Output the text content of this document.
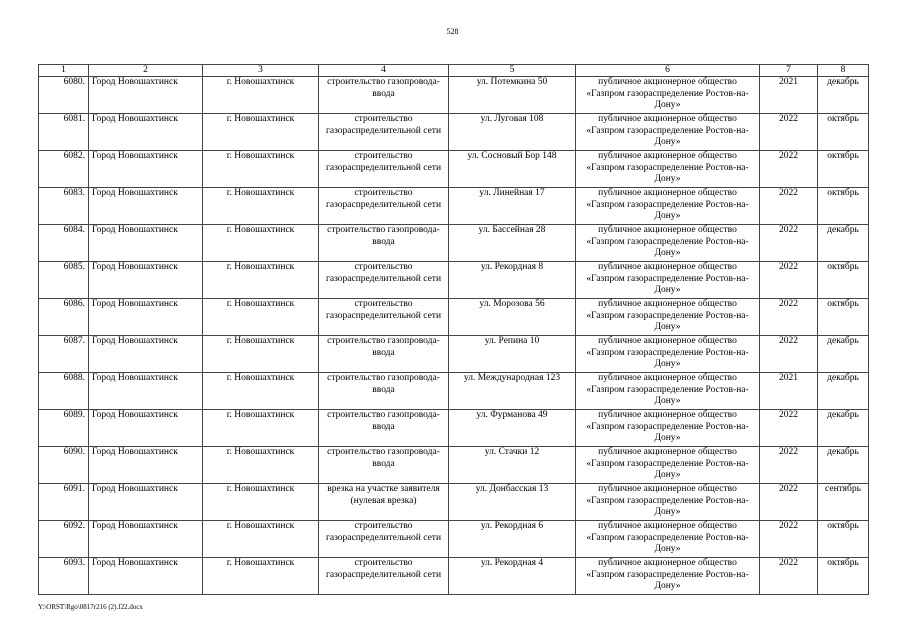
528
1	2	3	4	5	6	7	8
6080.	Город Новошахтинск	г. Новошахтинск	строительство газопровода-ввода	ул. Потемкина 50	публичное акционерное общество «Газпром газораспределение Ростов-на-Дону»	2021	декабрь
6081.	Город Новошахтинск	г. Новошахтинск	строительство газораспределительной сети	ул. Луговая 108	публичное акционерное общество «Газпром газораспределение Ростов-на-Дону»	2022	октябрь
6082.	Город Новошахтинск	г. Новошахтинск	строительство газораспределительной сети	ул. Сосновый Бор 148	публичное акционерное общество «Газпром газораспределение Ростов-на-Дону»	2022	октябрь
6083.	Город Новошахтинск	г. Новошахтинск	строительство газораспределительной сети	ул. Линейная 17	публичное акционерное общество «Газпром газораспределение Ростов-на-Дону»	2022	октябрь
6084.	Город Новошахтинск	г. Новошахтинск	строительство газопровода-ввода	ул. Бассейная 28	публичное акционерное общество «Газпром газораспределение Ростов-на-Дону»	2022	декабрь
6085.	Город Новошахтинск	г. Новошахтинск	строительство газораспределительной сети	ул. Рекордная 8	публичное акционерное общество «Газпром газораспределение Ростов-на-Дону»	2022	октябрь
6086.	Город Новошахтинск	г. Новошахтинск	строительство газораспределительной сети	ул. Морозова 56	публичное акционерное общество «Газпром газораспределение Ростов-на-Дону»	2022	октябрь
6087.	Город Новошахтинск	г. Новошахтинск	строительство газопровода-ввода	ул. Репина 10	публичное акционерное общество «Газпром газораспределение Ростов-на-Дону»	2022	декабрь
6088.	Город Новошахтинск	г. Новошахтинск	строительство газопровода-ввода	ул. Международная 123	публичное акционерное общество «Газпром газораспределение Ростов-на-Дону»	2021	декабрь
6089.	Город Новошахтинск	г. Новошахтинск	строительство газопровода-ввода	ул. Фурманова 49	публичное акционерное общество «Газпром газораспределение Ростов-на-Дону»	2022	декабрь
6090.	Город Новошахтинск	г. Новошахтинск	строительство газопровода-ввода	ул. Стачки 12	публичное акционерное общество «Газпром газораспределение Ростов-на-Дону»	2022	декабрь
6091.	Город Новошахтинск	г. Новошахтинск	врезка на участке заявителя (нулевая врезка)	ул. Донбасская 13	публичное акционерное общество «Газпром газораспределение Ростов-на-Дону»	2022	сентябрь
6092.	Город Новошахтинск	г. Новошахтинск	строительство газораспределительной сети	ул. Рекордная 6	публичное акционерное общество «Газпром газораспределение Ростов-на-Дону»	2022	октябрь
6093.	Город Новошахтинск	г. Новошахтинск	строительство газораспределительной сети	ул. Рекордная 4	публичное акционерное общество «Газпром газораспределение Ростов-на-Дону»	2022	октябрь
Y:\ORST\Rgo\0817r216 (2).f22.docx
